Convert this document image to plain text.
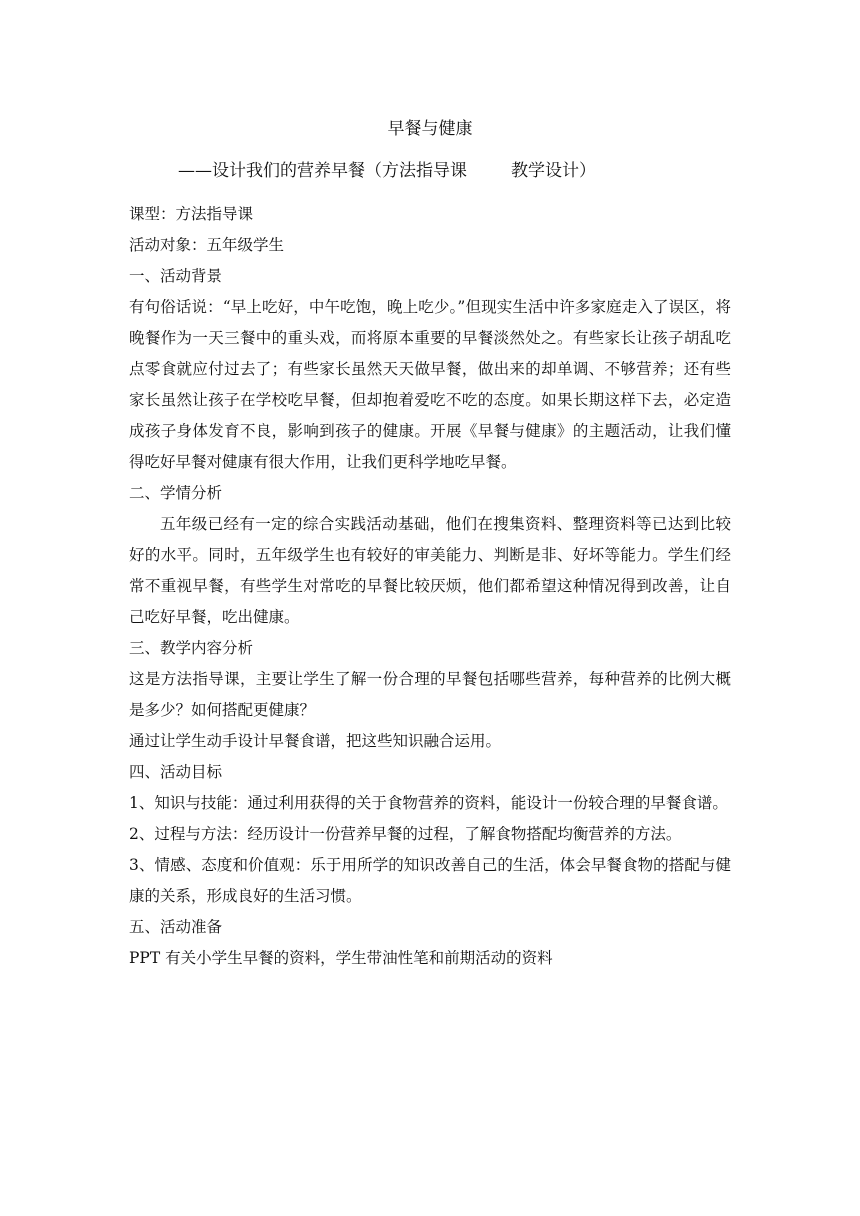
早餐与健康
——设计我们的营养早餐（方法指导课	教学设计）
课型：方法指导课
活动对象：五年级学生
一、活动背景
有句俗话说：“早上吃好，中午吃饱，晚上吃少。”但现实生活中许多家庭走入了误区，将晚餐作为一天三餐中的重头戏，而将原本重要的早餐淡然处之。有些家长让孩子胡乱吃点零食就应付过去了；有些家长虽然天天做早餐，做出来的却单调、不够营养；还有些家长虽然让孩子在学校吃早餐，但却抱着爱吃不吃的态度。如果长期这样下去，必定造成孩子身体发育不良，影响到孩子的健康。开展《早餐与健康》的主题活动，让我们懂得吃好早餐对健康有很大作用，让我们更科学地吃早餐。
二、学情分析
五年级已经有一定的综合实践活动基础，他们在搜集资料、整理资料等已达到比较好的水平。同时，五年级学生也有较好的审美能力、判断是非、好坏等能力。学生们经常不重视早餐，有些学生对常吃的早餐比较厌烦，他们都希望这种情况得到改善，让自己吃好早餐，吃出健康。
三、教学内容分析
这是方法指导课，主要让学生了解一份合理的早餐包括哪些营养，每种营养的比例大概是多少？如何搭配更健康？
通过让学生动手设计早餐食谱，把这些知识融合运用。
四、活动目标
1、知识与技能：通过利用获得的关于食物营养的资料，能设计一份较合理的早餐食谱。
2、过程与方法：经历设计一份营养早餐的过程，了解食物搭配均衡营养的方法。
3、情感、态度和价值观：乐于用所学的知识改善自己的生活，体会早餐食物的搭配与健康的关系，形成良好的生活习惯。
五、活动准备
PPT 有关小学生早餐的资料，学生带油性笔和前期活动的资料
